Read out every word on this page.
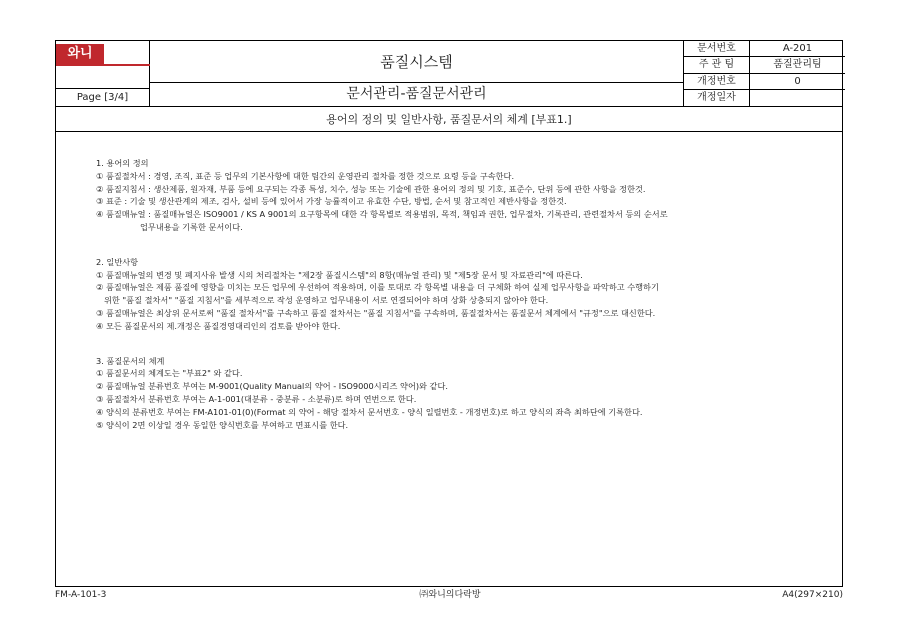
와니
Page [3/4]
품질시스템
문서관리-품질문서관리
문서번호	A-201
주 관 팀	품질관리팀
개정번호	0
개정일자
용어의 정의 및 일반사항, 품질문서의 체계 [부표1.]
1. 용어의 정의
① 품질절차서 : 경영, 조직, 표준 등 업무의 기본사항에 대한 팀간의 운영관리 절차를 정한 것으로 요령 등을 구속한다.
② 품질지침서 : 생산제품, 원자재, 부품 등에 요구되는 각종 특성, 치수, 성능 또는 기술에 관한 용어의 정의 및 기호, 표준수, 단위 등에 관한 사항을 정한것.
③ 표준 : 기술 및 생산관계의 제조, 검사, 설비 등에 있어서 가장 능률적이고 유효한 수단, 방법, 순서 및 참고적인 제반사항을 정한것.
④ 품질매뉴얼 : 품질매뉴얼은 ISO9001 / KS A 9001의 요구항목에 대한 각 항목별로 적용범위, 목적, 책임과 권한, 업무절차, 기록관리, 관련절차서 등의 순서로
업무내용을 기록한 문서이다.
2. 일반사항
① 품질매뉴얼의 변경 및 폐지사유 발생 시의 처리절차는 "제2장 품질시스템"의 8항(매뉴얼 관리) 및 "제5장 문서 및 자료관리"에 따른다.
② 품질매뉴얼은 제품 품질에 영향을 미치는 모든 업무에 우선하여 적용하며, 이를 토대로 각 항목별 내용을 더 구체화 하여 실제 업무사항을 파악하고 수행하기
위한 "품질 절차서" "품질 지침서"를 세부적으로 작성 운영하고 업무내용이 서로 연결되어야 하며 상화 상충되지 않아야 한다.
③ 품질매뉴얼은 최상위 문서로써 "품질 절차서"를 구속하고 품질 절차서는 "품질 지침서"를 구속하며, 품질절차서는 품질문서 체계에서 "규정"으로 대신한다.
④ 모든 품질문서의 제.개정은 품질경영대리인의 검토를 받아야 한다.
3. 품질문서의 체계
① 품질문서의 체계도는 "부표2" 와 같다.
② 품질매뉴얼 분류번호 부여는 M-9001(Quality Manual의 약어 - ISO9000시리즈 약어)와 같다.
③ 품질절차서 분류번호 부여는 A-1-001(대분류 - 중분류 - 소분류)로 하며 연번으로 한다.
④ 양식의 분류번호 부여는 FM-A101-01(0)(Format 의 약어 - 해당 절차서 문서번호 - 양식 일렬번호 - 개정번호)로 하고 양식의 좌측 최하단에 기록한다.
⑤ 양식이 2면 이상일 경우 동일한 양식번호를 부여하고 면표시를 한다.
FM-A-101-3	㈜와니의다락방	A4(297×210)
